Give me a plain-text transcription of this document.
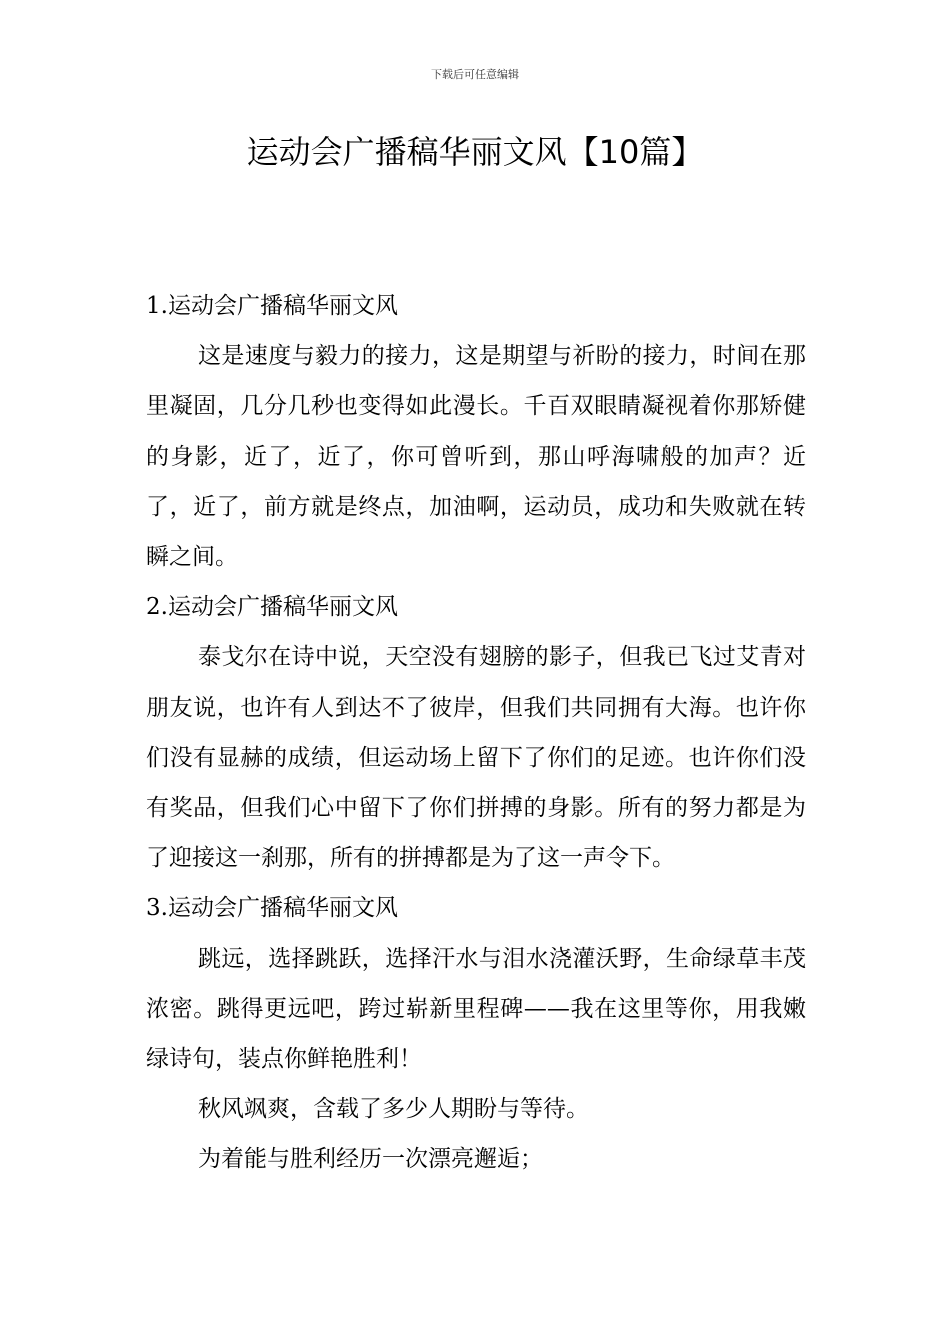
下载后可任意编辑
运动会广播稿华丽文风【10篇】

1.运动会广播稿华丽文风

这是速度与毅力的接力，这是期望与祈盼的接力，时间在那里凝固，几分几秒也变得如此漫长。千百双眼睛凝视着你那矫健的身影，近了，近了，你可曾听到，那山呼海啸般的加声？近了，近了，前方就是终点，加油啊，运动员，成功和失败就在转瞬之间。

2.运动会广播稿华丽文风

泰戈尔在诗中说，天空没有翅膀的影子，但我已飞过艾青对朋友说，也许有人到达不了彼岸，但我们共同拥有大海。也许你们没有显赫的成绩，但运动场上留下了你们的足迹。也许你们没有奖品，但我们心中留下了你们拼搏的身影。所有的努力都是为了迎接这一刹那，所有的拼搏都是为了这一声令下。

3.运动会广播稿华丽文风

跳远，选择跳跃，选择汗水与泪水浇灌沃野，生命绿草丰茂浓密。跳得更远吧，跨过崭新里程碑——我在这里等你，用我嫩绿诗句，装点你鲜艳胜利！

秋风飒爽，含载了多少人期盼与等待。

为着能与胜利经历一次漂亮邂逅；
